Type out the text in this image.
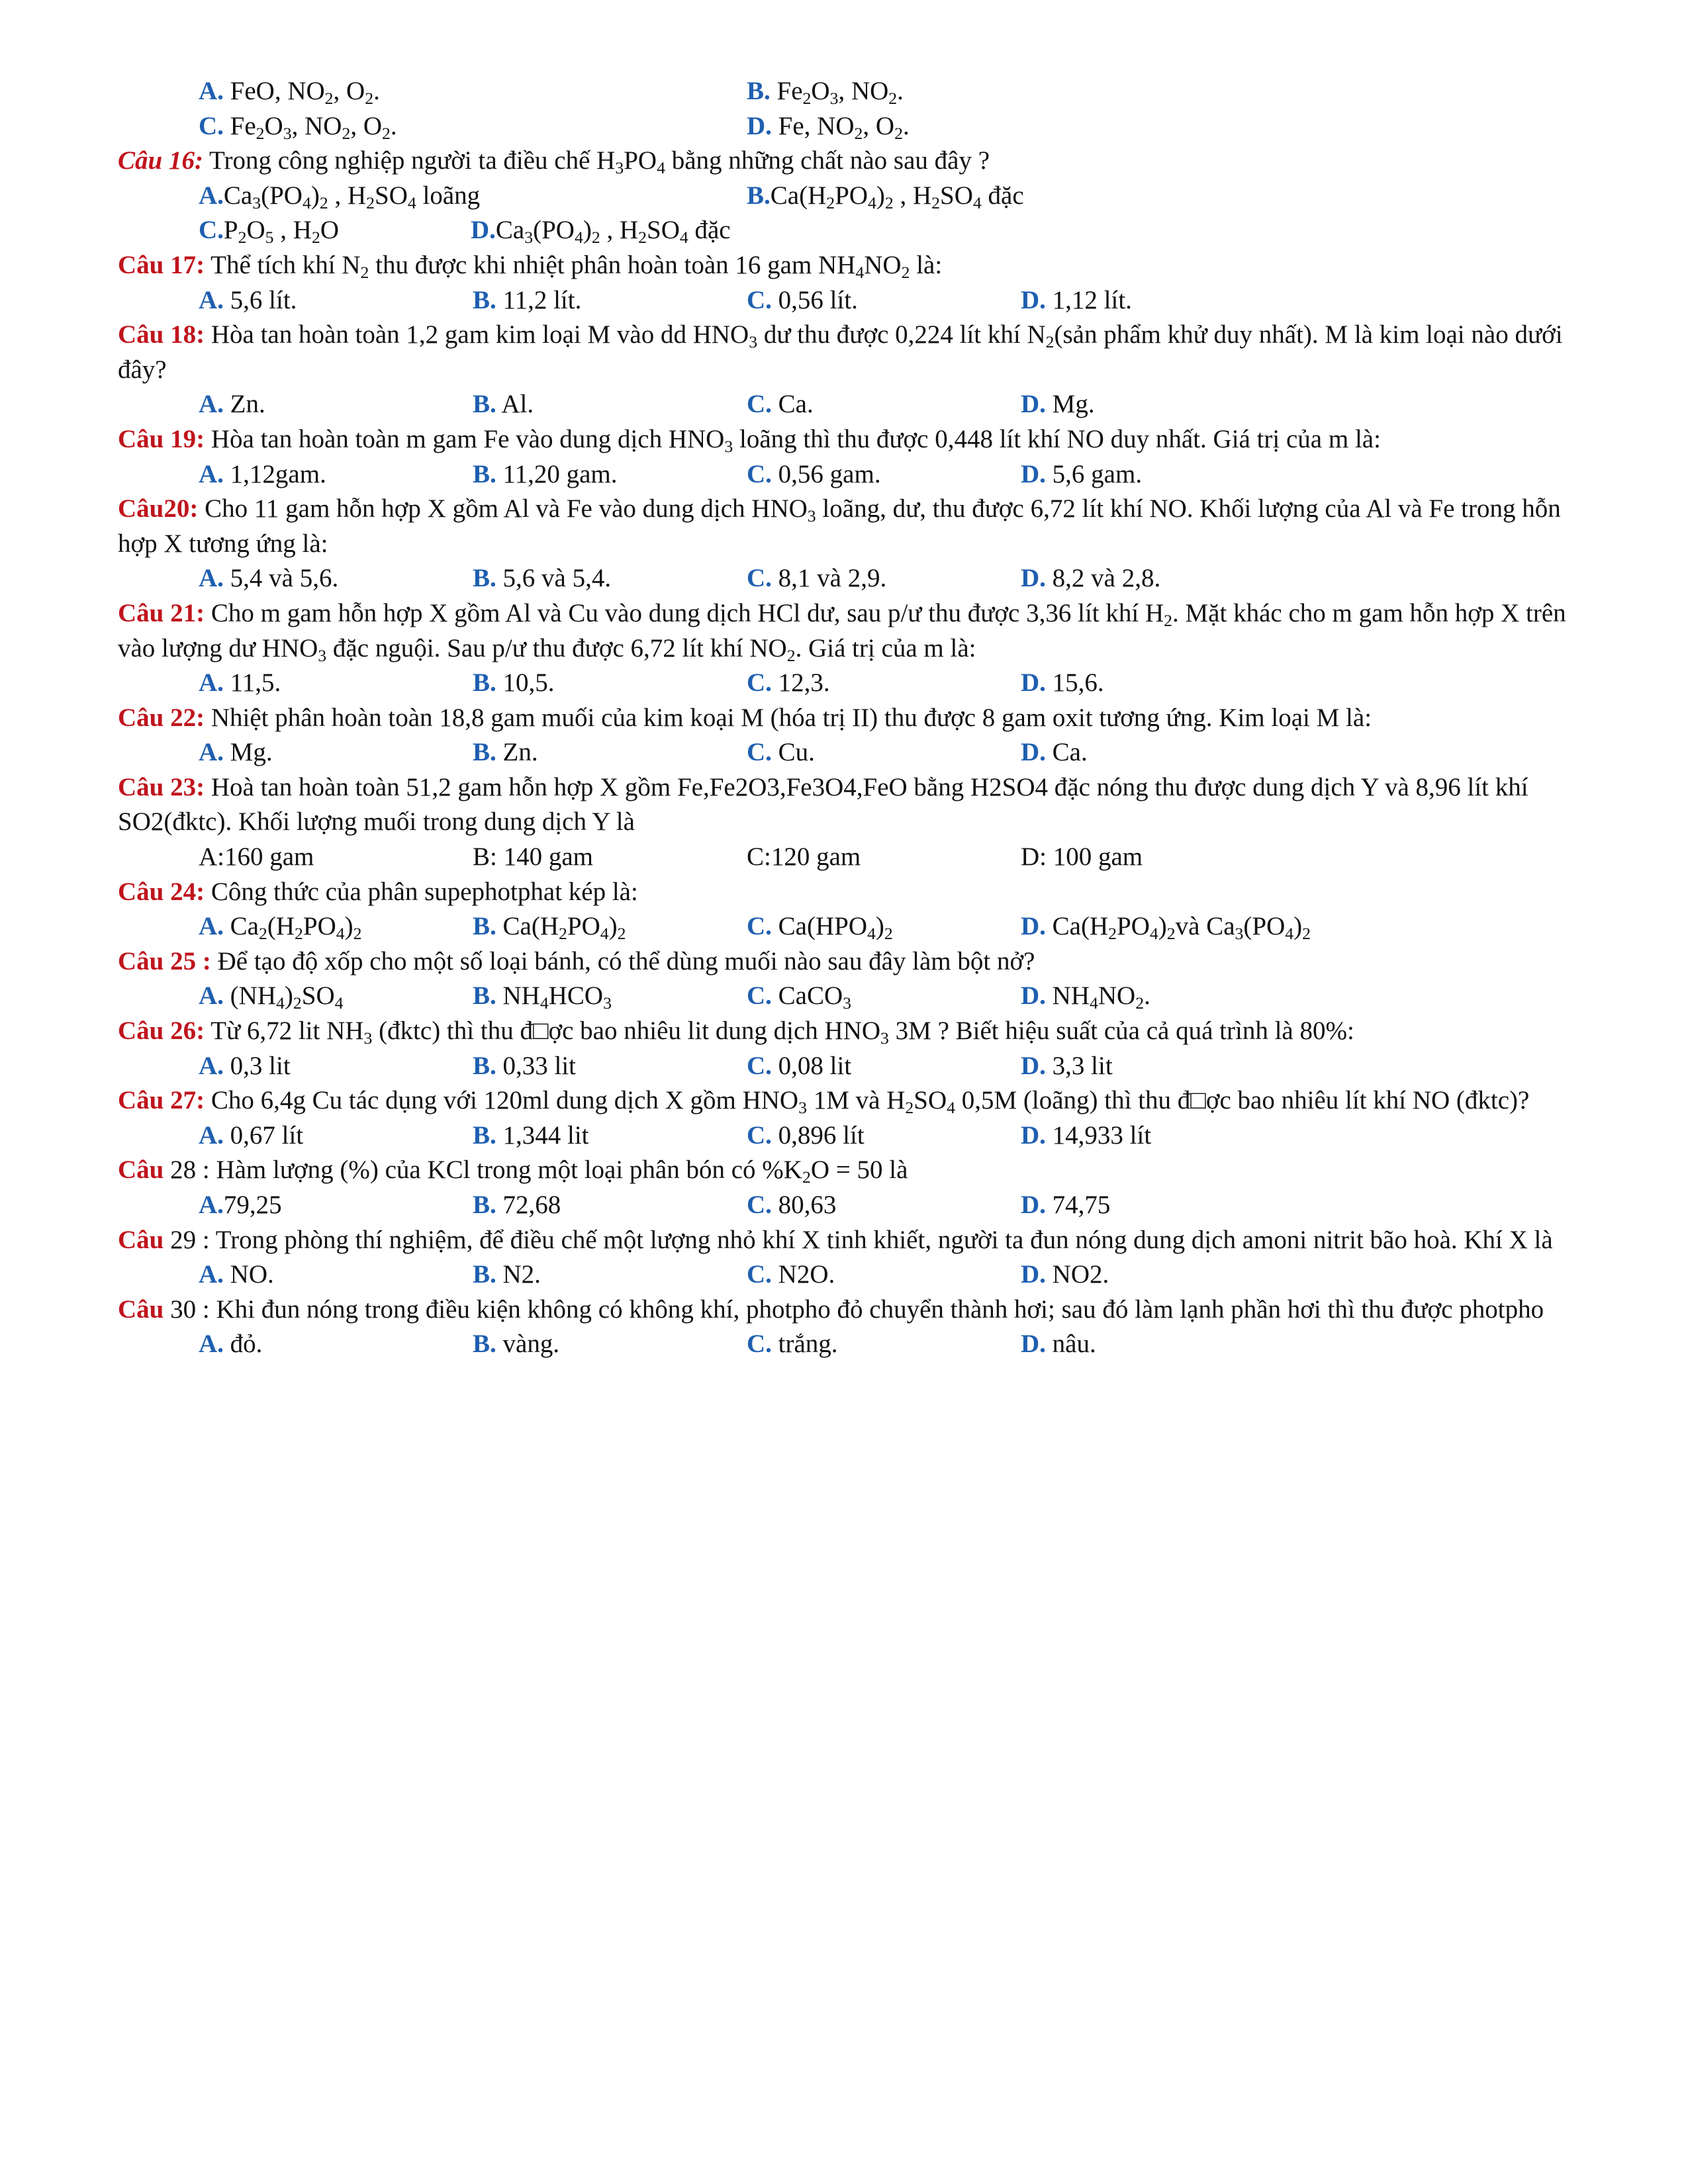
A. FeO, $NO_2$, $O_2$.	B. $Fe_2O_3$, $NO_2$.
C. $Fe_2O_3$, $NO_2$, $O_2$.	D. Fe, $NO_2$, $O_2$.
Câu 16: Trong công nghiệp người ta điều chế $H_3PO_4$ bằng những chất nào sau đây ?
$A.Ca_3(PO_4)_2$ , $H_2SO_4$ loãng	$B.Ca(H_2PO_4)_2$ , $H_2SO_4$ đặc
$C.P_2O_5$ , $H_2O$	$D.Ca_3(PO_4)_2$ , $H_2SO_4$ đặc
Câu 17: Thể tích khí $N_2$ thu được khi nhiệt phân hoàn toàn 16 gam $NH_4NO_2$ là:
A. 5,6 lít.	B. 11,2 lít.	C. 0,56 lít.	D. 1,12 lít.
Câu 18: Hòa tan hoàn toàn 1,2 gam kim loại M vào dd $HNO_3$ dư thu được 0,224 lít khí $N_2(sản$ phẩm khử duy nhất). M là kim loại nào dưới đây?
A. Zn.	B. Al.	C. Ca.	D. Mg.
Câu 19: Hòa tan hoàn toàn m gam Fe vào dung dịch $HNO_3$ loãng thì thu được 0,448 lít khí NO duy nhất. Giá trị của m là:
A. 1,12gam.	B. 11,20 gam.	C. 0,56 gam.	D. 5,6 gam.
Câu20: Cho 11 gam hỗn hợp X gồm Al và Fe vào dung dịch $HNO_3$ loãng, dư, thu được 6,72 lít khí NO. Khối lượng của Al và Fe trong hỗn hợp X tương ứng là:
A. 5,4 và 5,6.	B. 5,6 và 5,4.	C. 8,1 và 2,9.	D. 8,2 và 2,8.
Câu 21: Cho m gam hỗn hợp X gồm Al và Cu vào dung dịch HCl dư, sau p/ư thu được 3,36 lít khí $H_2$. Mặt khác cho m gam hỗn hợp X trên vào lượng dư $HNO_3$ đặc nguội. Sau p/ư thu được 6,72 lít khí $NO_2$. Giá trị của m là:
A. 11,5.	B. 10,5.	C. 12,3.	D. 15,6.
Câu 22: Nhiệt phân hoàn toàn 18,8 gam muối của kim koại M (hóa trị II) thu được 8 gam oxit tương ứng. Kim loại M là:
A. Mg.	B. Zn.	C. Cu.	D. Ca.
Câu 23: Hoà tan hoàn toàn 51,2 gam hỗn hợp X gồm Fe,Fe2O3,Fe3O4,FeO bằng H2SO4 đặc nóng thu được dung dịch Y và 8,96 lít khí SO2(đktc). Khối lượng muối trong dung dịch Y là
A:160 gam	B: 140 gam	C:120 gam	D: 100 gam
Câu 24: Công thức của phân supephotphat kép là:
A. $Ca_2(H_2PO_4)_2$	B. $Ca(H_2PO_4)_2$	C. $Ca(HPO_4)_2$	D. $Ca(H_2PO_4)_2và$ $Ca_3(PO_4)_2$
Câu 25 : Để tạo độ xốp cho một số loại bánh, có thể dùng muối nào sau đây làm bột nở?
A. $(NH_4)_2SO_4$	B. $NH_4HCO_3$	C. CaCO$_3$	D. $NH_4NO_2$.
Câu 26: Từ 6,72 lit $NH_3$ (đktc) thì thu đ□ợc bao nhiêu lit dung dịch $HNO_3$ 3M ? Biết hiệu suất của cả quá trình là 80%:
A. 0,3 lit	B. 0,33 lit	C. 0,08 lit	D. 3,3 lit
Câu 27: Cho 6,4g Cu tác dụng với 120ml dung dịch X gồm $HNO_3$ 1M và $H_2SO_4$ 0,5M (loãng) thì thu đ□ợc bao nhiêu lít khí NO (đktc)?
A. 0,67 lít	B. 1,344 lit	C. 0,896 lít	D. 14,933 lít
Câu 28 : Hàm lượng (%) của KCl trong một loại phân bón có $\%K_2O = 50$ là
A.79,25	B. 72,68	C. 80,63	D. 74,75
Câu 29 : Trong phòng thí nghiệm, để điều chế một lượng nhỏ khí X tinh khiết, người ta đun nóng dung dịch amoni nitrit bão hoà. Khí X là
A. NO.	B. N2.	C. N2O.	D. NO2.
Câu 30 : Khi đun nóng trong điều kiện không có không khí, photpho đỏ chuyển thành hơi; sau đó làm lạnh phần hơi thì thu được photpho
A. đỏ.	B. vàng.	C. trắng.	D. nâu.
